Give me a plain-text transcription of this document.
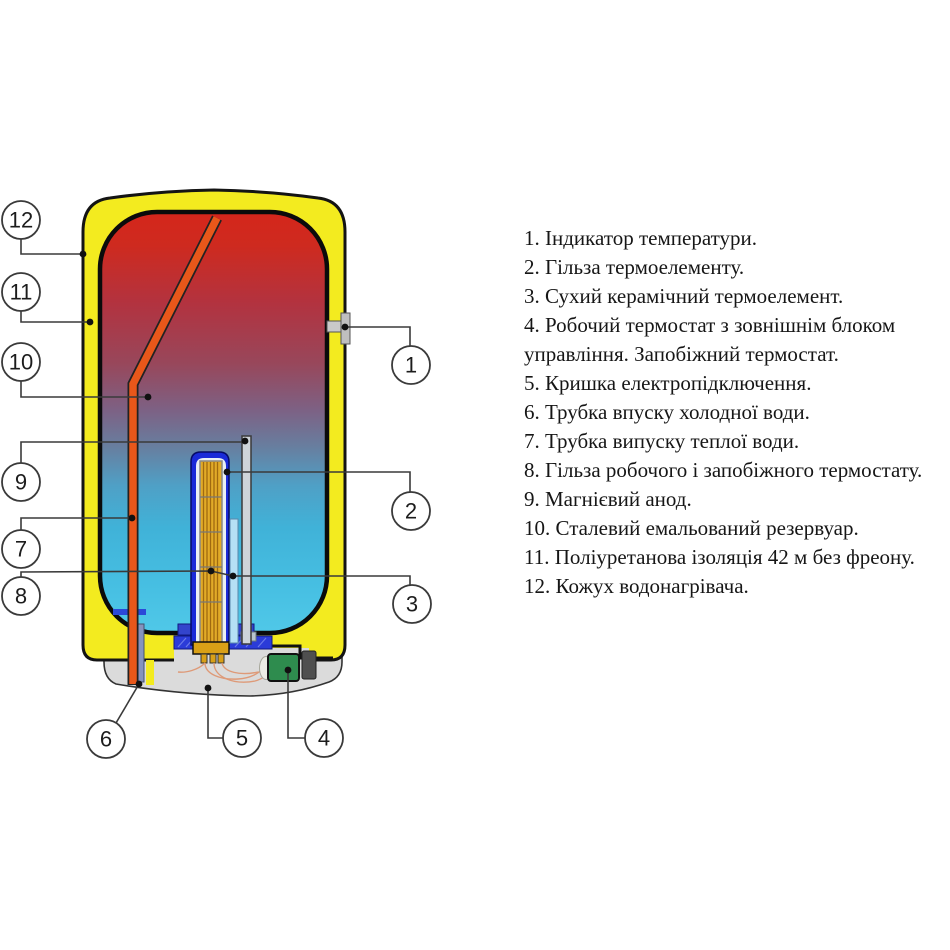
1
2
3
4
5
6
7
8
9
10
11
12
1. Індикатор температури.
2. Гільза термоелементу.
3. Сухий керамічний термоелемент.
4. Робочий термостат з зовнішнім блоком управління. Запобіжний термостат.
5. Кришка електропідключення.
6. Трубка впуску холодної води.
7. Трубка випуску теплої води.
8. Гільза робочого і запобіжного термостату.
9. Магнієвий анод.
10. Сталевий емальований резервуар.
11. Поліуретанова ізоляція 42 м без фреону.
12. Кожух водонагрівача.
